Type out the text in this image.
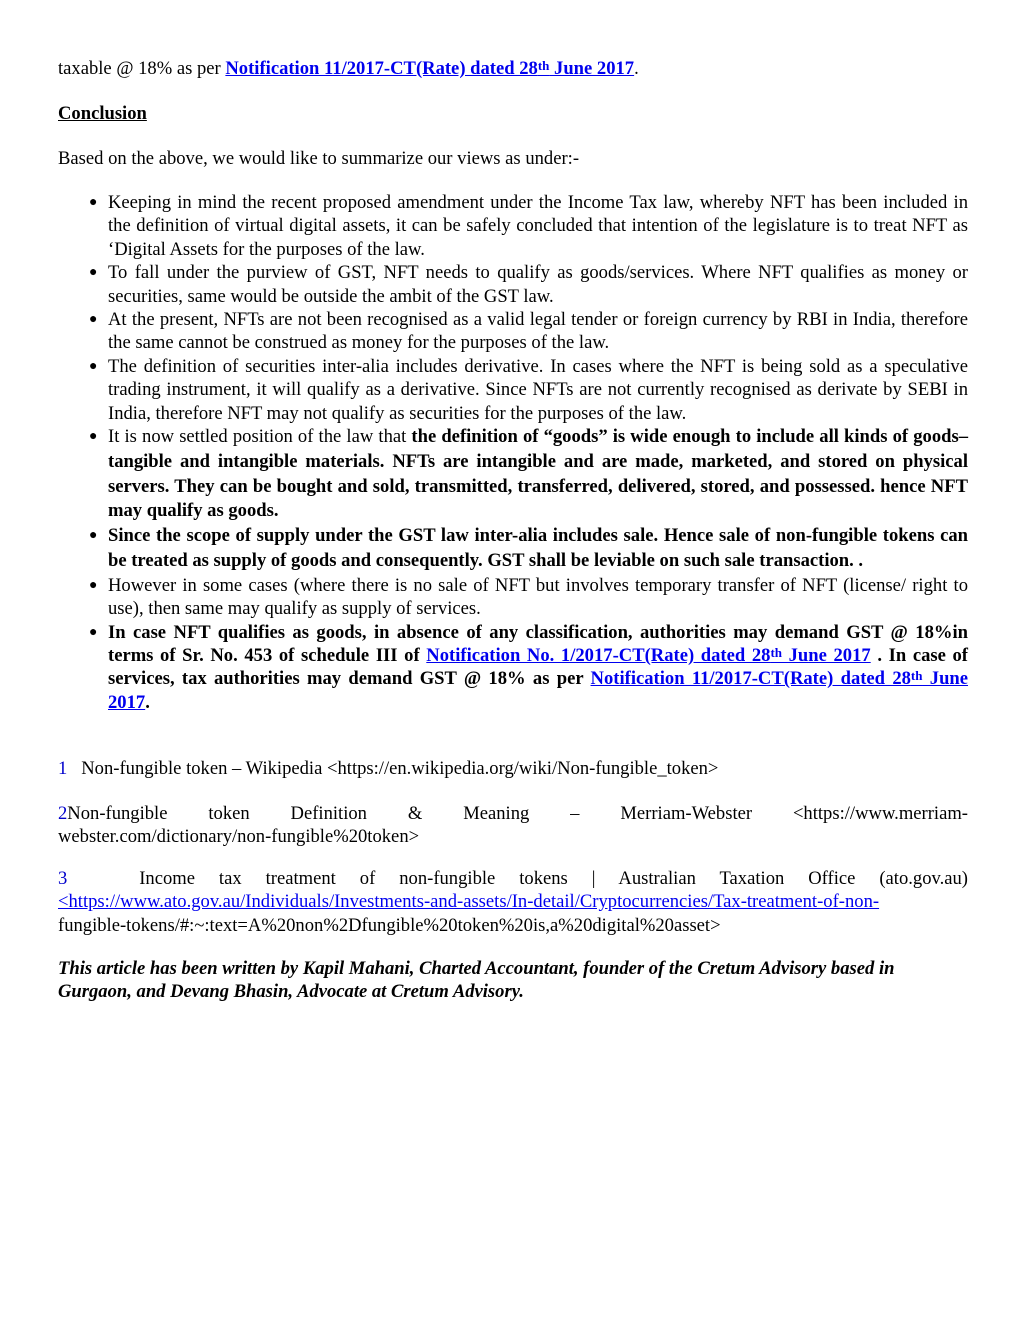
taxable @ 18% as per Notification 11/2017-CT(Rate) dated 28th June 2017.

Conclusion

Based on the above, we would like to summarize our views as under:-

● Keeping in mind the recent proposed amendment under the Income Tax law, whereby NFT has been included in the definition of virtual digital assets, it can be safely concluded that intention of the legislature is to treat NFT as ‘Digital Assets for the purposes of the law.
● To fall under the purview of GST, NFT needs to qualify as goods/services. Where NFT qualifies as money or securities, same would be outside the ambit of the GST law.
● At the present, NFTs are not been recognised as a valid legal tender or foreign currency by RBI in India, therefore the same cannot be construed as money for the purposes of the law.
● The definition of securities inter-alia includes derivative. In cases where the NFT is being sold as a speculative trading instrument, it will qualify as a derivative. Since NFTs are not currently recognised as derivate by SEBI in India, therefore NFT may not qualify as securities for the purposes of the law.
● It is now settled position of the law that the definition of “goods” is wide enough to include all kinds of goods– tangible and intangible materials. NFTs are intangible and are made, marketed, and stored on physical servers. They can be bought and sold, transmitted, transferred, delivered, stored, and possessed. hence NFT may qualify as goods.
● Since the scope of supply under the GST law inter-alia includes sale. Hence sale of non-fungible tokens can be treated as supply of goods and consequently. GST shall be leviable on such sale transaction. .
● However in some cases (where there is no sale of NFT but involves temporary transfer of NFT (license/ right to use), then same may qualify as supply of services.
● In case NFT qualifies as goods, in absence of any classification, authorities may demand GST @ 18%in terms of Sr. No. 453 of schedule III of Notification No. 1/2017-CT(Rate) dated 28th June 2017 . In case of services, tax authorities may demand GST @ 18% as per Notification 11/2017-CT(Rate) dated 28th June 2017.

1 Non-fungible token – Wikipedia <https://en.wikipedia.org/wiki/Non-fungible_token>

2Non-fungible token Definition & Meaning – Merriam-Webster <https://www.merriam-
webster.com/dictionary/non-fungible%20token>
3	Income tax treatment of non-fungible tokens | Australian Taxation Office (ato.gov.au)
<https://www.ato.gov.au/Individuals/Investments-and-assets/In-detail/Cryptocurrencies/Tax-treatment-of-non-
fungible-tokens/#:~:text=A%20non%2Dfungible%20token%20is,a%20digital%20asset>

This article has been written by Kapil Mahani, Charted Accountant, founder of the Cretum Advisory based in Gurgaon, and Devang Bhasin, Advocate at Cretum Advisory.
